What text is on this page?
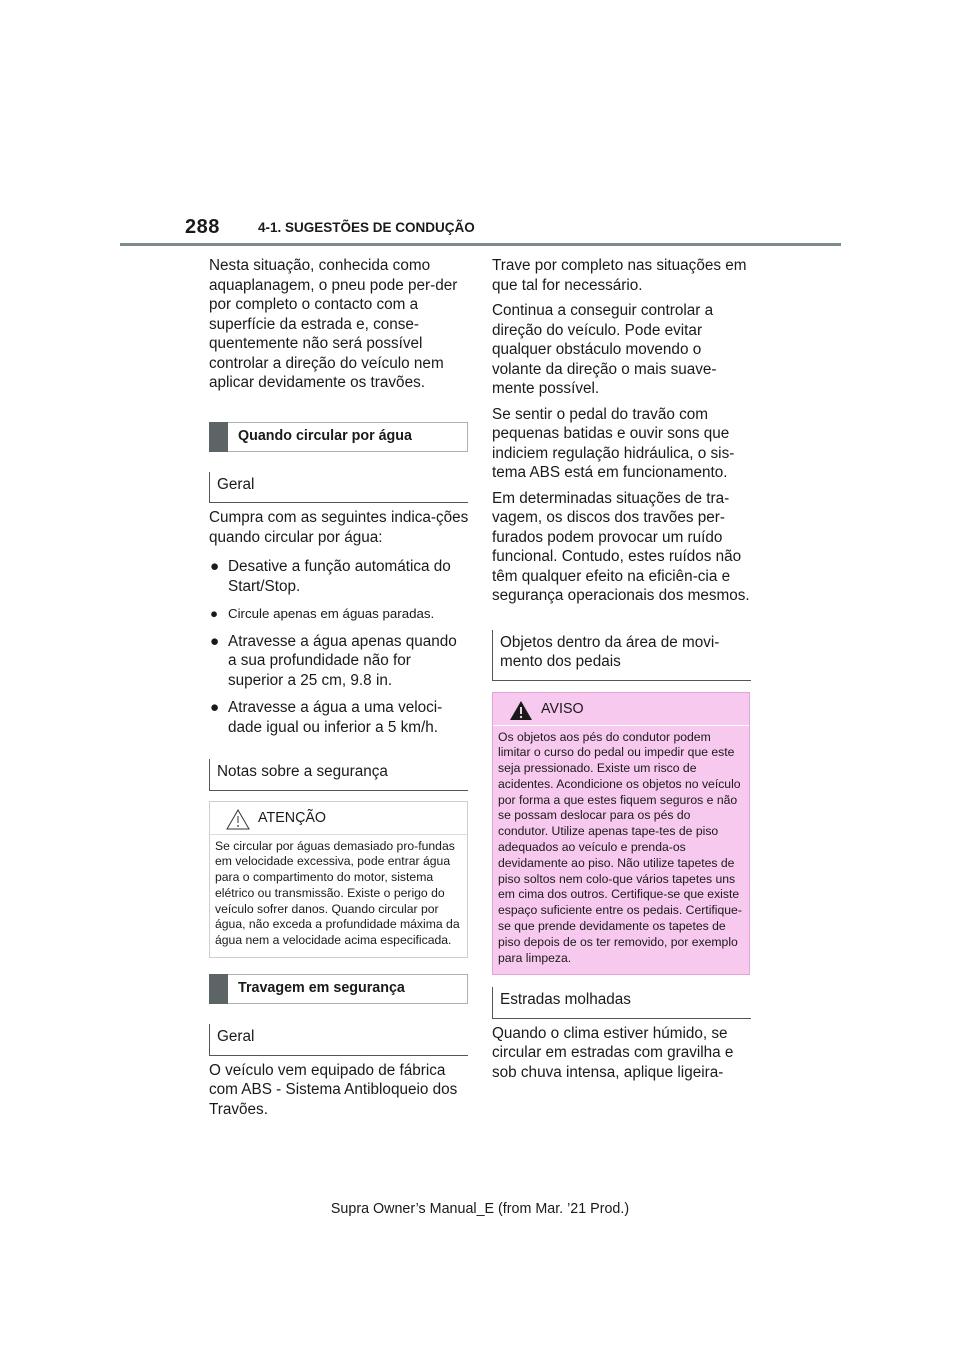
288	4-1. SUGESTÕES DE CONDUÇÃO

Nesta situação, conhecida como aquaplanagem, o pneu pode per-der por completo o contacto com a superfície da estrada e, conse-quentemente não será possível controlar a direção do veículo nem aplicar devidamente os travões.

Quando circular por água
Geral

Cumpra com as seguintes indica-ções quando circular por água:

● Desative a função automática do Start/Stop.
● Circule apenas em águas paradas.
● Atravesse a água apenas quando a sua profundidade não for superior a 25 cm, 9.8 in.
● Atravesse a água a uma veloci-dade igual ou inferior a 5 km/h.
Notas sobre a segurança
ATENÇÃO
Se circular por águas demasiado pro-fundas em velocidade excessiva, pode entrar água para o compartimento do motor, sistema elétrico ou transmissão. Existe o perigo do veículo sofrer danos. Quando circular por água, não exceda a profundidade máxima da água nem a velocidade acima especificada.
Travagem em segurança
Geral

O veículo vem equipado de fábrica com ABS - Sistema Antibloqueio dos Travões.

Trave por completo nas situações em que tal for necessário.

Continua a conseguir controlar a direção do veículo. Pode evitar qualquer obstáculo movendo o volante da direção o mais suave-mente possível.

Se sentir o pedal do travão com pequenas batidas e ouvir sons que indiciem regulação hidráulica, o sis-tema ABS está em funcionamento.

Em determinadas situações de tra-vagem, os discos dos travões per-furados podem provocar um ruído funcional. Contudo, estes ruídos não têm qualquer efeito na eficiên-cia e segurança operacionais dos mesmos.

Objetos dentro da área de movi-mento dos pedais
AVISO
Os objetos aos pés do condutor podem limitar o curso do pedal ou impedir que este seja pressionado. Existe um risco de acidentes. Acondicione os objetos no veículo por forma a que estes fiquem seguros e não se possam deslocar para os pés do condutor. Utilize apenas tape-tes de piso adequados ao veículo e prenda-os devidamente ao piso. Não utilize tapetes de piso soltos nem colo-que vários tapetes uns em cima dos outros. Certifique-se que existe espaço suficiente entre os pedais. Certifique-se que prende devidamente os tapetes de piso depois de os ter removido, por exemplo para limpeza.
Estradas molhadas

Quando o clima estiver húmido, se circular em estradas com gravilha e sob chuva intensa, aplique ligeira-

Supra Owner’s Manual_E (from Mar. ’21 Prod.)
